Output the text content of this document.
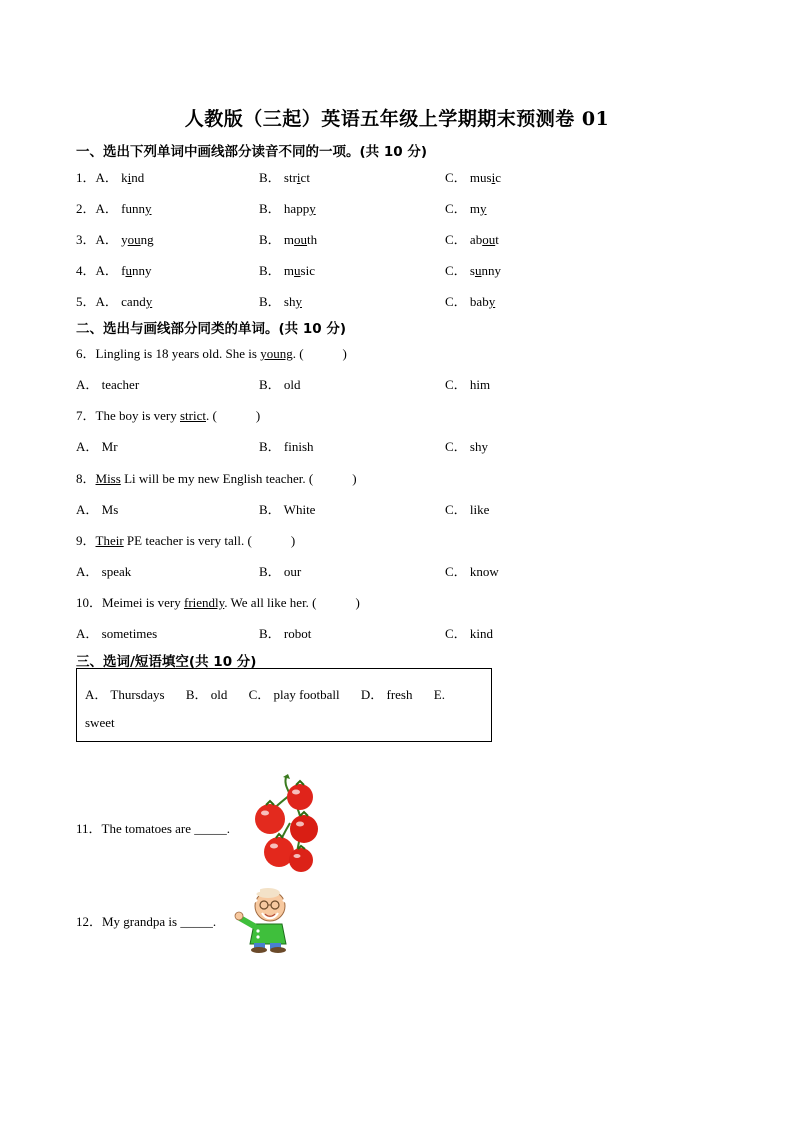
人教版（三起）英语五年级上学期期末预测卷 01
一、选出下列单词中画线部分读音不同的一项。(共 10 分)
1．A． kind	B． strict	C． music
2．A． funny	B． happy	C． my
3．A． young	B． mouth	C． about
4．A． funny	B． music	C． sunny
5．A． candy	B． shy	C． baby
二、选出与画线部分同类的单词。(共 10 分)
6．Lingling is 18 years old. She is young. (　　　)
A． teacher	B． old	C． him
7．The boy is very strict. (　　　)
A． Mr	B． finish	C． shy
8．Miss Li will be my new English teacher. (　　　)
A． Ms	B． White	C． like
9．Their PE teacher is very tall. (　　　)
A． speak	B． our	C． know
10．Meimei is very friendly. We all like her. (　　　)
A． sometimes	B． robot	C． kind
三、选词/短语填空(共 10 分)
A． Thursdays B． old C． play football D． fresh E.
sweet
11．The tomatoes are _____.
12．My grandpa is _____.
